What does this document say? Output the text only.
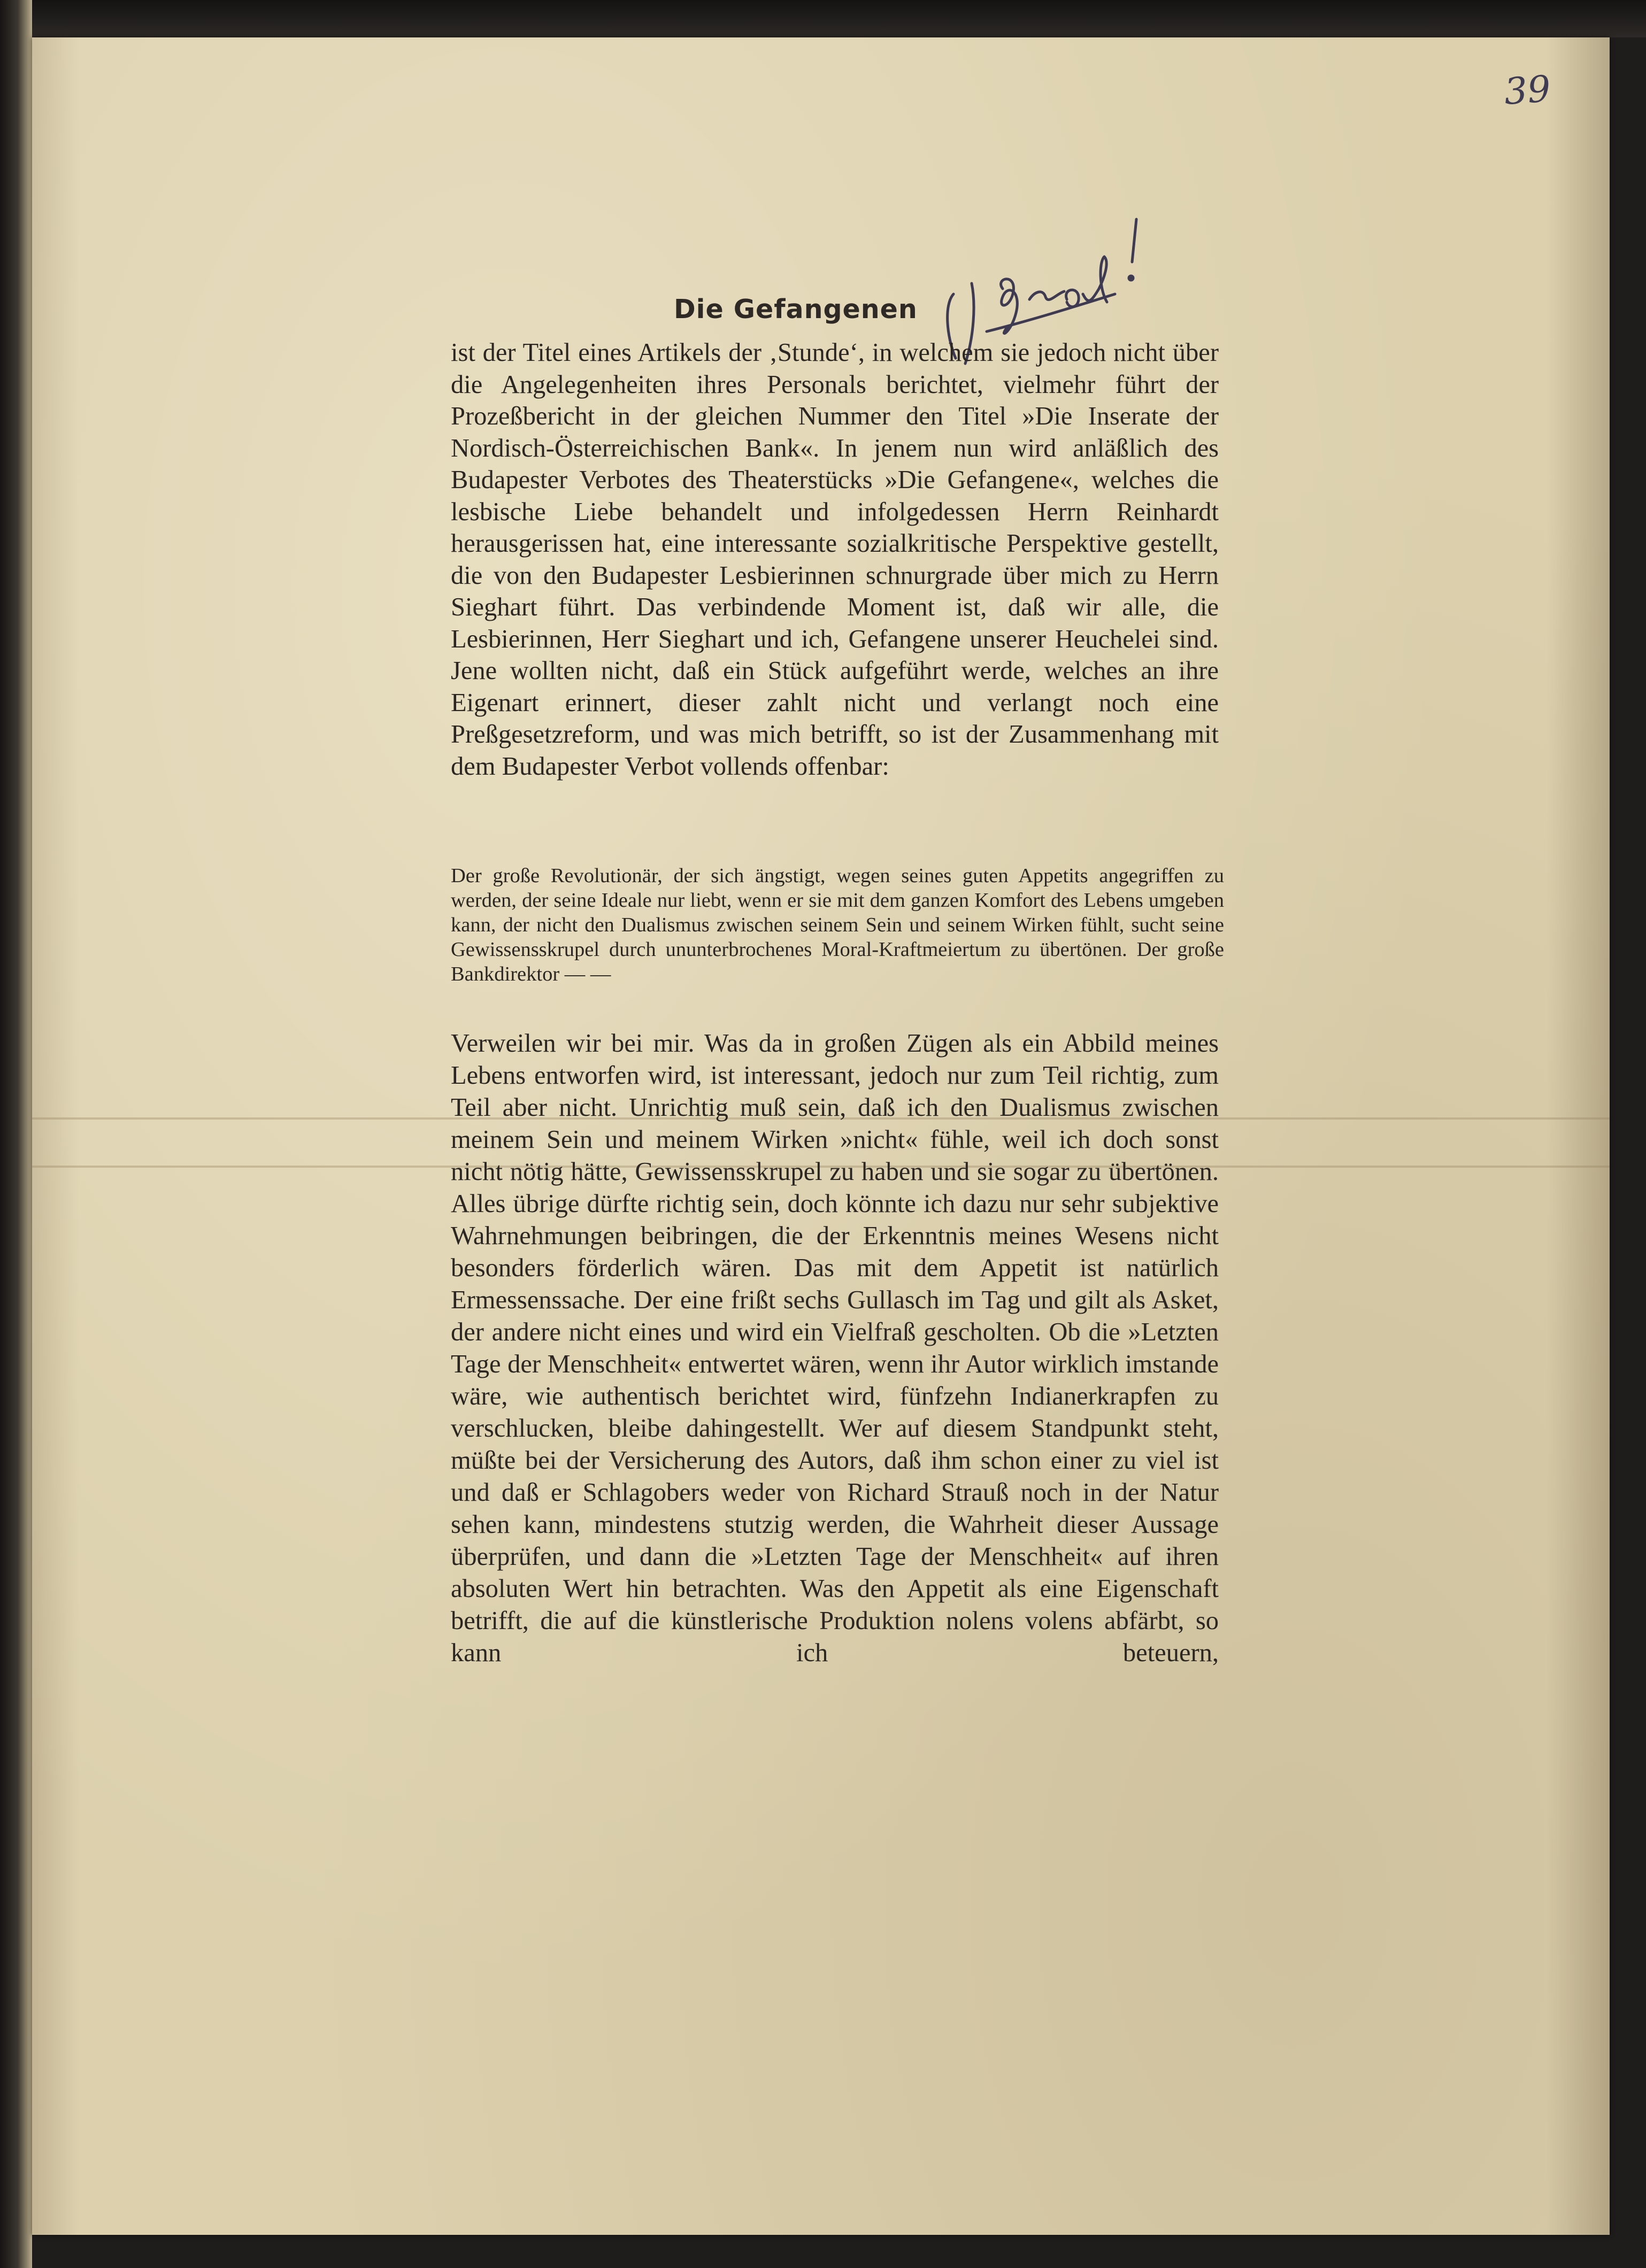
39
Die Gefangenen

ist der Titel eines Artikels der ‚Stunde‘, in welchem sie jedoch nicht über die Angelegenheiten ihres Personals berichtet, vielmehr führt der Prozeßbericht in der gleichen Nummer den Titel »Die Inserate der Nordisch-Österreichischen Bank«. In jenem nun wird anläßlich des Budapester Verbotes des Theaterstücks »Die Gefangene«, welches die lesbische Liebe behandelt und infolgedessen Herrn Reinhardt herausgerissen hat, eine interessante sozialkritische Perspektive gestellt, die von den Budapester Lesbierinnen schnurgrade über mich zu Herrn Sieghart führt. Das verbindende Moment ist, daß wir alle, die Lesbierinnen, Herr Sieghart und ich, Gefangene unserer Heuchelei sind. Jene wollten nicht, daß ein Stück aufgeführt werde, welches an ihre Eigenart erinnert, dieser zahlt nicht und verlangt noch eine Preßgesetzreform, und was mich betrifft, so ist der Zusammenhang mit dem Budapester Verbot vollends offenbar:

Der große Revolutionär, der sich ängstigt, wegen seines guten Appetits angegriffen zu werden, der seine Ideale nur liebt, wenn er sie mit dem ganzen Komfort des Lebens umgeben kann, der nicht den Dualismus zwischen seinem Sein und seinem Wirken fühlt, sucht seine Gewissensskrupel durch ununterbrochenes Moral-Kraftmeiertum zu übertönen. Der große Bankdirektor — —

Verweilen wir bei mir. Was da in großen Zügen als ein Abbild meines Lebens entworfen wird, ist interessant, jedoch nur zum Teil richtig, zum Teil aber nicht. Unrichtig muß sein, daß ich den Dualismus zwischen meinem Sein und meinem Wirken »nicht« fühle, weil ich doch sonst nicht nötig hätte, Gewissensskrupel zu haben und sie sogar zu übertönen. Alles übrige dürfte richtig sein, doch könnte ich dazu nur sehr subjektive Wahrnehmungen beibringen, die der Erkenntnis meines Wesens nicht besonders förderlich wären. Das mit dem Appetit ist natürlich Ermessenssache. Der eine frißt sechs Gullasch im Tag und gilt als Asket, der andere nicht eines und wird ein Vielfraß gescholten. Ob die »Letzten Tage der Menschheit« entwertet wären, wenn ihr Autor wirklich imstande wäre, wie authentisch berichtet wird, fünfzehn Indianerkrapfen zu verschlucken, bleibe dahingestellt. Wer auf diesem Standpunkt steht, müßte bei der Versicherung des Autors, daß ihm schon einer zu viel ist und daß er Schlagobers weder von Richard Strauß noch in der Natur sehen kann, mindestens stutzig werden, die Wahrheit dieser Aussage überprüfen, und dann die »Letzten Tage der Menschheit« auf ihren absoluten Wert hin betrachten. Was den Appetit als eine Eigenschaft betrifft, die auf die künstlerische Produktion nolens volens abfärbt, so kann ich beteuern,
